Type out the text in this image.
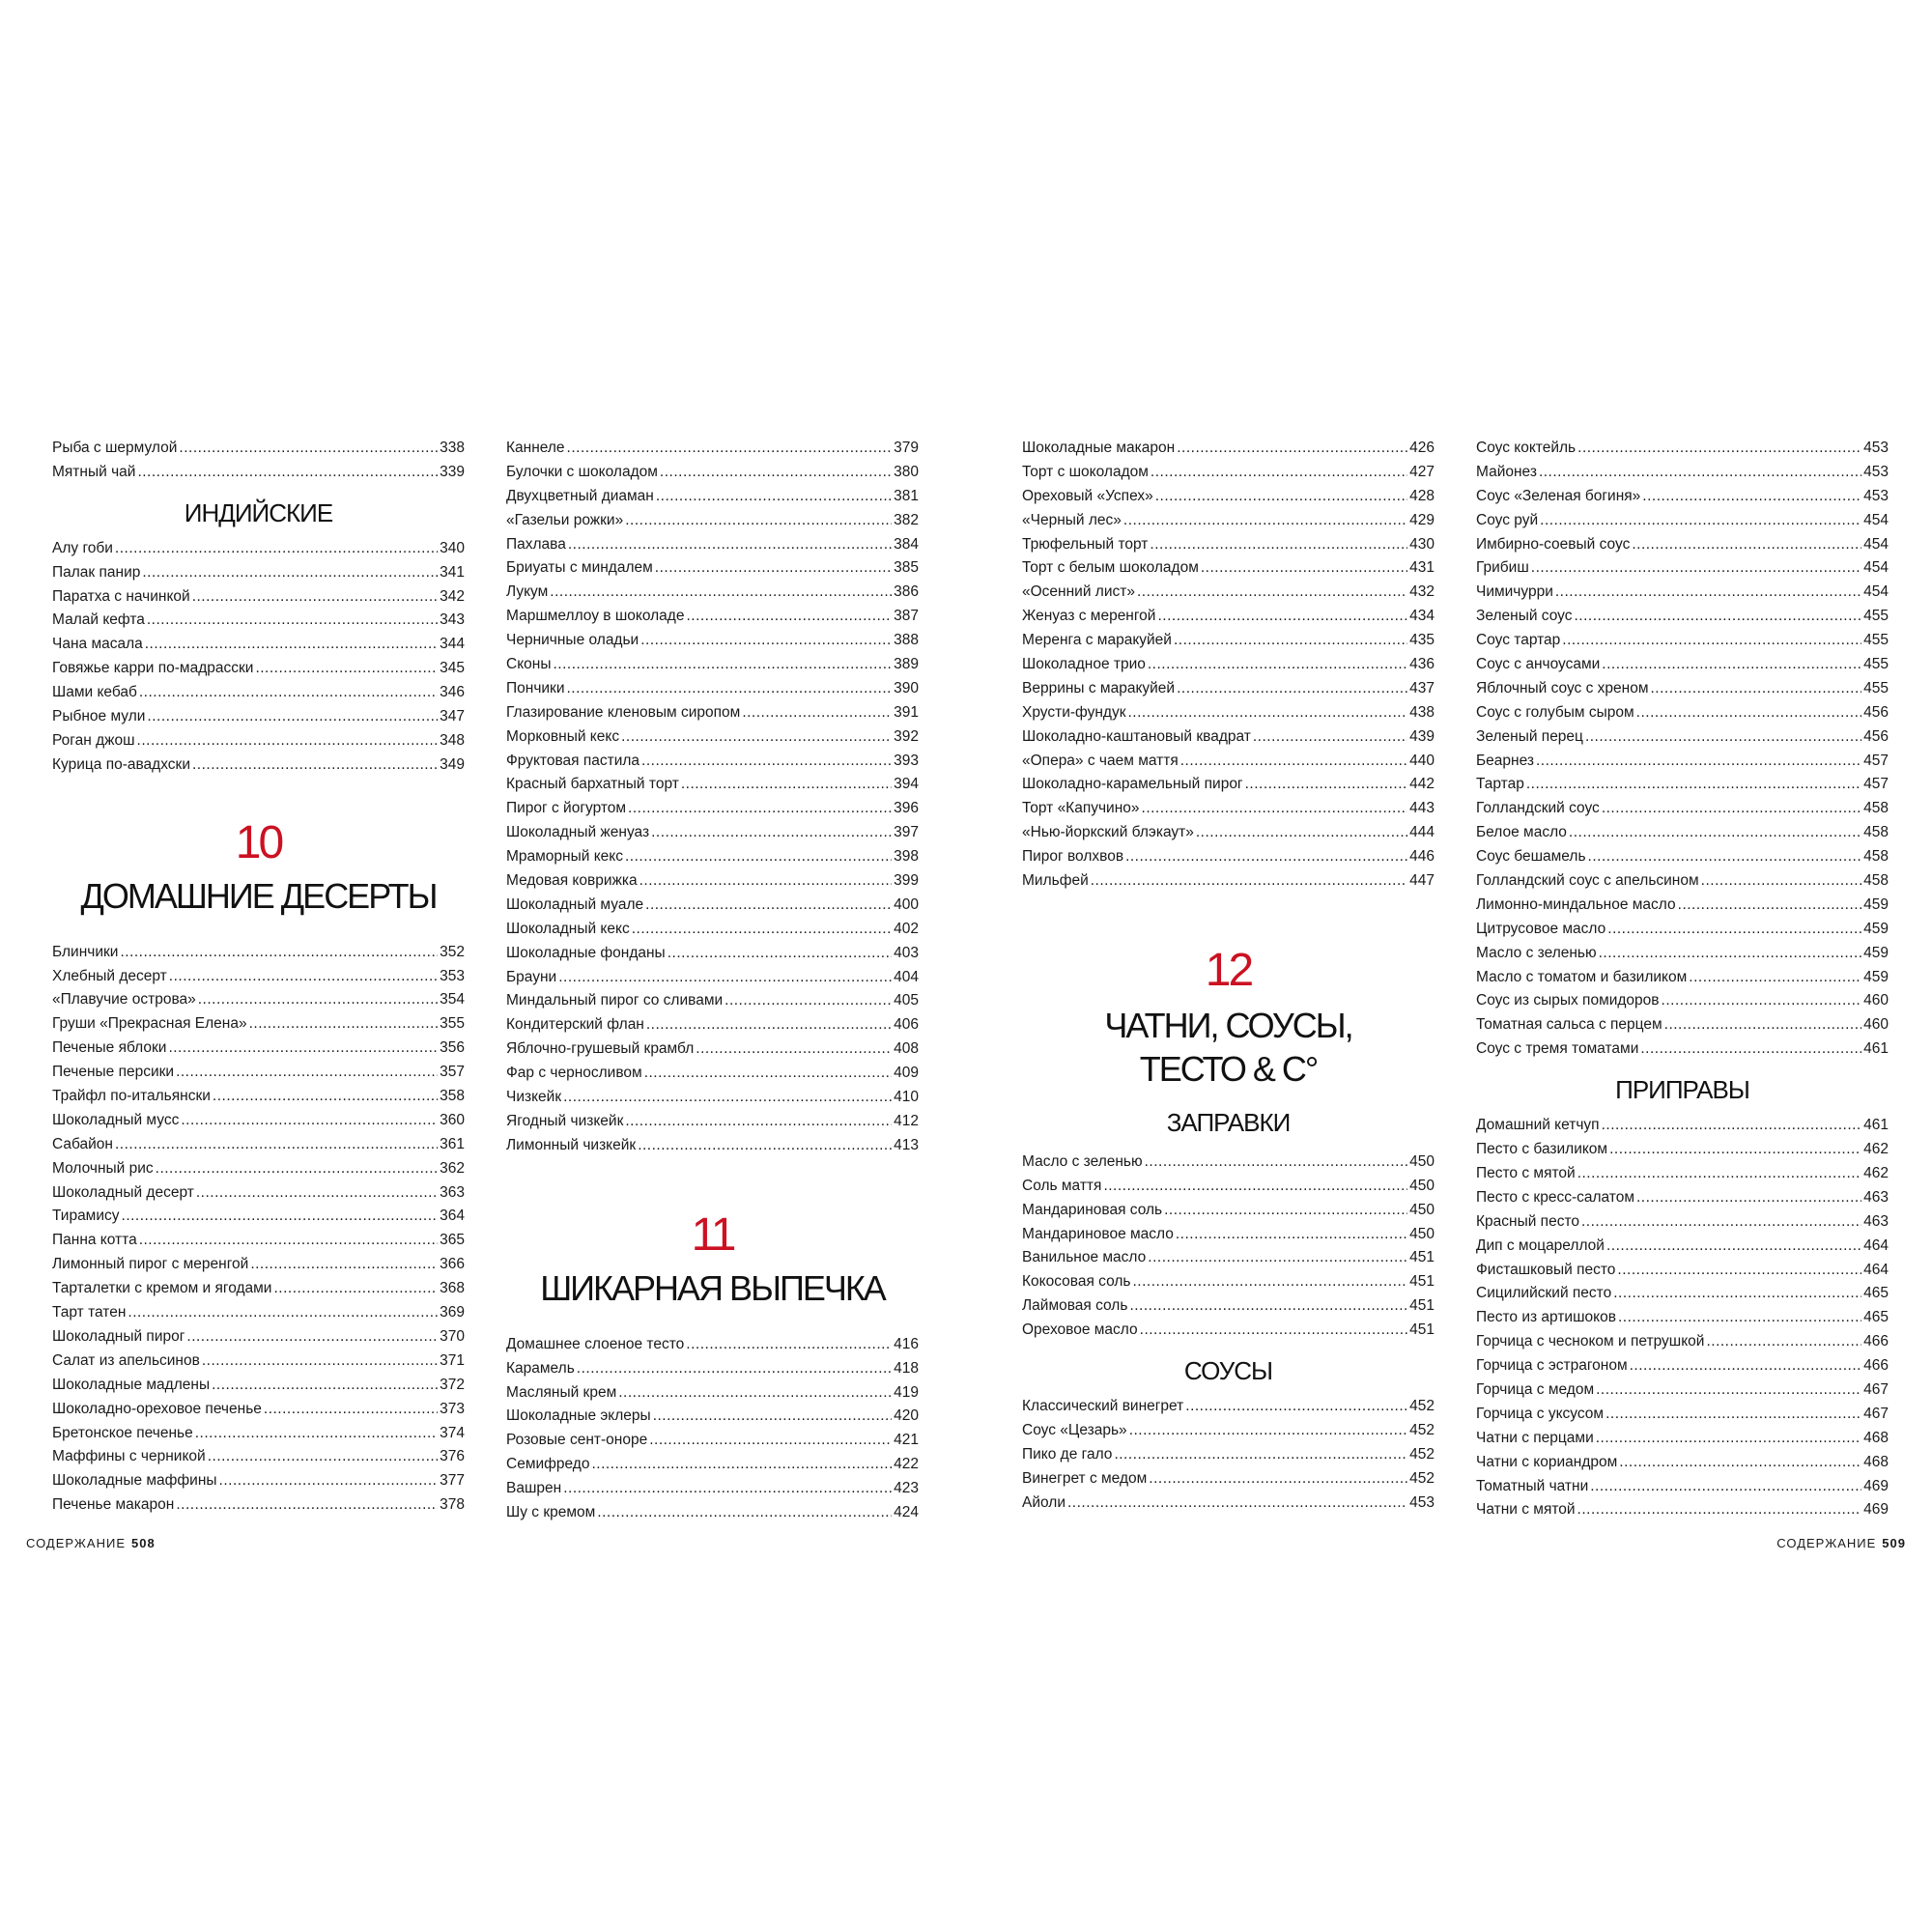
Рыба с шермулой .....	338
Мятный чай .....	339
ИНДИЙСКИЕ
Алу гоби .....	340
Палак панир .....	341
Паратха с начинкой .....	342
Малай кефта .....	343
Чана масала .....	344
Говяжье карри по-мадрасски .....	345
Шами кебаб .....	346
Рыбное мули .....	347
Роган джош .....	348
Курица по-авадхски .....	349
10
ДОМАШНИЕ ДЕСЕРТЫ
Блинчики .....	352
Хлебный десерт .....	353
«Плавучие острова» .....	354
Груши «Прекрасная Елена» .....	355
Печеные яблоки .....	356
Печеные персики .....	357
Трайфл по-итальянски .....	358
Шоколадный мусс .....	360
Сабайон .....	361
Молочный рис .....	362
Шоколадный десерт .....	363
Тирамису .....	364
Панна котта .....	365
Лимонный пирог с меренгой .....	366
Тарталетки с кремом и ягодами .....	368
Тарт татен .....	369
Шоколадный пирог .....	370
Салат из апельсинов .....	371
Шоколадные мадлены .....	372
Шоколадно-ореховое печенье .....	373
Бретонское печенье .....	374
Маффины с черникой .....	376
Шоколадные маффины .....	377
Печенье макарон .....	378
Каннеле .....	379
Булочки с шоколадом .....	380
Двухцветный диаман .....	381
«Газельи рожки» .....	382
Пахлава .....	384
Бриуаты с миндалем .....	385
Лукум .....	386
Маршмеллоу в шоколаде .....	387
Черничные оладьи .....	388
Сконы .....	389
Пончики .....	390
Глазирование кленовым сиропом .....	391
Морковный кекс .....	392
Фруктовая пастила .....	393
Красный бархатный торт .....	394
Пирог с йогуртом .....	396
Шоколадный женуаз .....	397
Мраморный кекс .....	398
Медовая коврижка .....	399
Шоколадный муале .....	400
Шоколадный кекс .....	402
Шоколадные фонданы .....	403
Брауни .....	404
Миндальный пирог со сливами .....	405
Кондитерский флан .....	406
Яблочно-грушевый крамбл .....	408
Фар с черносливом .....	409
Чизкейк .....	410
Ягодный чизкейк .....	412
Лимонный чизкейк .....	413
11
ШИКАРНАЯ ВЫПЕЧКА
Домашнее слоеное тесто .....	416
Карамель .....	418
Масляный крем .....	419
Шоколадные эклеры .....	420
Розовые сент-оноре .....	421
Семифредо .....	422
Вашрен .....	423
Шу с кремом .....	424
Шоколадные макарон .....	426
Торт с шоколадом .....	427
Ореховый «Успех» .....	428
«Черный лес» .....	429
Трюфельный торт .....	430
Торт с белым шоколадом .....	431
«Осенний лист» .....	432
Женуаз с меренгой .....	434
Меренга с маракуйей .....	435
Шоколадное трио .....	436
Веррины с маракуйей .....	437
Хрусти-фундук .....	438
Шоколадно-каштановый квадрат .....	439
«Опера» с чаем маття .....	440
Шоколадно-карамельный пирог .....	442
Торт «Капучино» .....	443
«Нью-йоркский блэкаут» .....	444
Пирог волхвов .....	446
Мильфей .....	447
12
ЧАТНИ, СОУСЫ,
ТЕСТО & С°
ЗАПРАВКИ
Масло с зеленью .....	450
Соль маття .....	450
Мандариновая соль .....	450
Мандариновое масло .....	450
Ванильное масло .....	451
Кокосовая соль .....	451
Лаймовая соль .....	451
Ореховое масло .....	451
СОУСЫ
Классический винегрет .....	452
Соус «Цезарь» .....	452
Пико де гало .....	452
Винегрет с медом .....	452
Айоли .....	453
Соус коктейль .....	453
Майонез .....	453
Соус «Зеленая богиня» .....	453
Соус руй .....	454
Имбирно-соевый соус .....	454
Грибиш .....	454
Чимичурри .....	454
Зеленый соус .....	455
Соус тартар .....	455
Соус с анчоусами .....	455
Яблочный соус с хреном .....	455
Соус с голубым сыром .....	456
Зеленый перец .....	456
Беарнез .....	457
Тартар .....	457
Голландский соус .....	458
Белое масло .....	458
Соус бешамель .....	458
Голландский соус с апельсином .....	458
Лимонно-миндальное масло .....	459
Цитрусовое масло .....	459
Масло с зеленью .....	459
Масло с томатом и базиликом .....	459
Соус из сырых помидоров .....	460
Томатная сальса с перцем .....	460
Соус с тремя томатами .....	461
ПРИПРАВЫ
Домашний кетчуп .....	461
Песто с базиликом .....	462
Песто с мятой .....	462
Песто с кресс-салатом .....	463
Красный песто .....	463
Дип с моцареллой .....	464
Фисташковый песто .....	464
Сицилийский песто .....	465
Песто из артишоков .....	465
Горчица с чесноком и петрушкой .....	466
Горчица с эстрагоном .....	466
Горчица с медом .....	467
Горчица с уксусом .....	467
Чатни с перцами .....	468
Чатни с кориандром .....	468
Томатный чатни .....	469
Чатни с мятой .....	469
СОДЕРЖАНИЕ 508	СОДЕРЖАНИЕ 509
